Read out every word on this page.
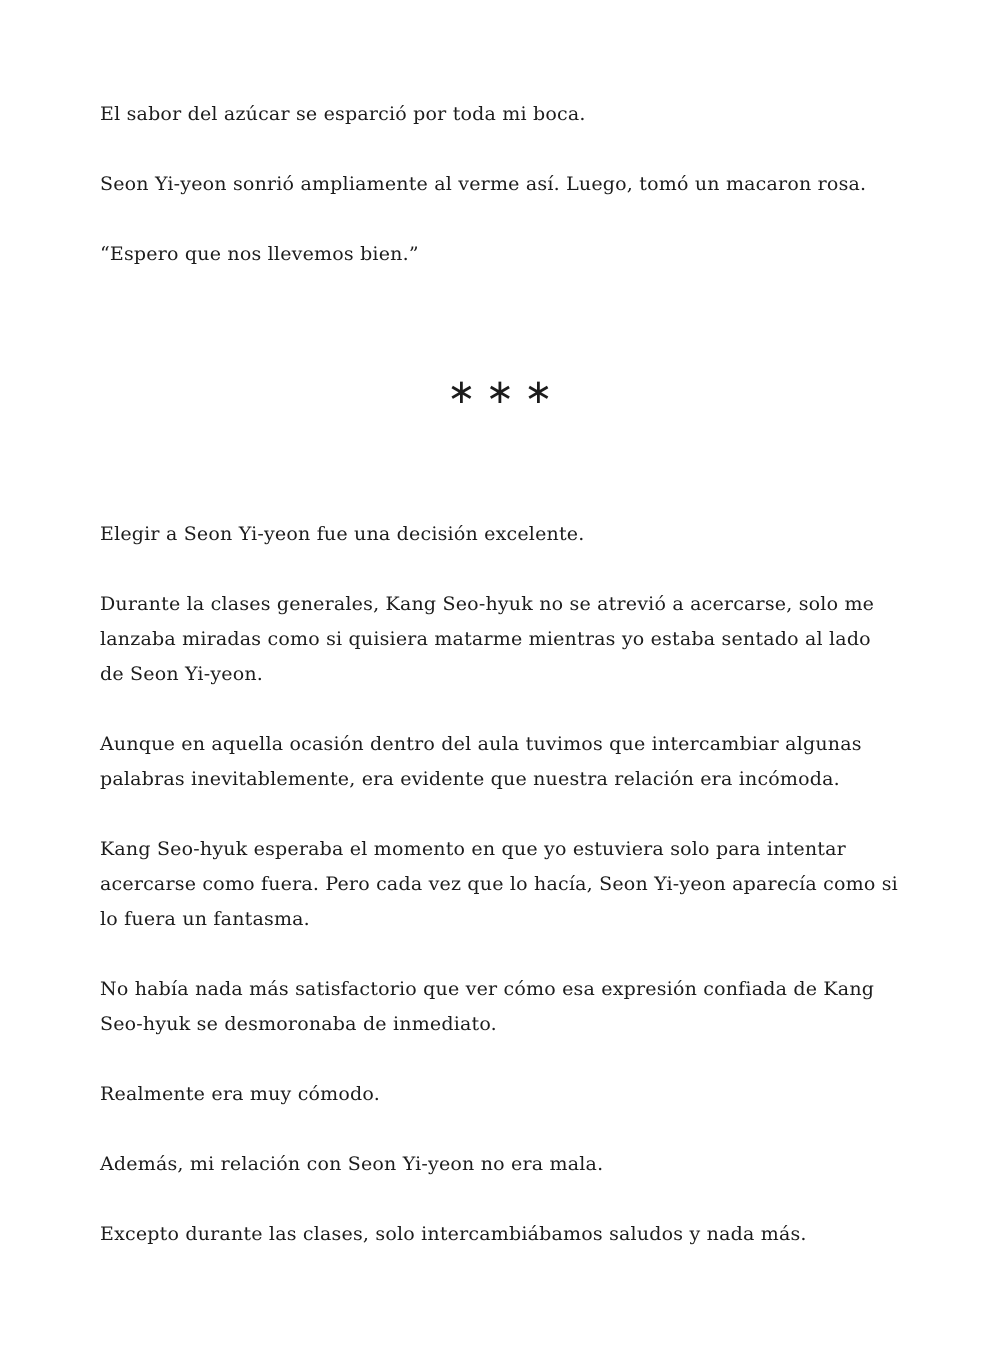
El sabor del azúcar se esparció por toda mi boca.

Seon Yi-yeon sonrió ampliamente al verme así. Luego, tomó un macaron rosa.

“Espero que nos llevemos bien.”

∗∗∗

Elegir a Seon Yi-yeon fue una decisión excelente.

Durante la clases generales, Kang Seo-hyuk no se atrevió a acercarse, solo me lanzaba miradas como si quisiera matarme mientras yo estaba sentado al lado de Seon Yi-yeon.

Aunque en aquella ocasión dentro del aula tuvimos que intercambiar algunas palabras inevitablemente, era evidente que nuestra relación era incómoda.

Kang Seo-hyuk esperaba el momento en que yo estuviera solo para intentar acercarse como fuera. Pero cada vez que lo hacía, Seon Yi-yeon aparecía como si lo fuera un fantasma.

No había nada más satisfactorio que ver cómo esa expresión confiada de Kang Seo-hyuk se desmoronaba de inmediato.

Realmente era muy cómodo.

Además, mi relación con Seon Yi-yeon no era mala.

Excepto durante las clases, solo intercambiábamos saludos y nada más.
